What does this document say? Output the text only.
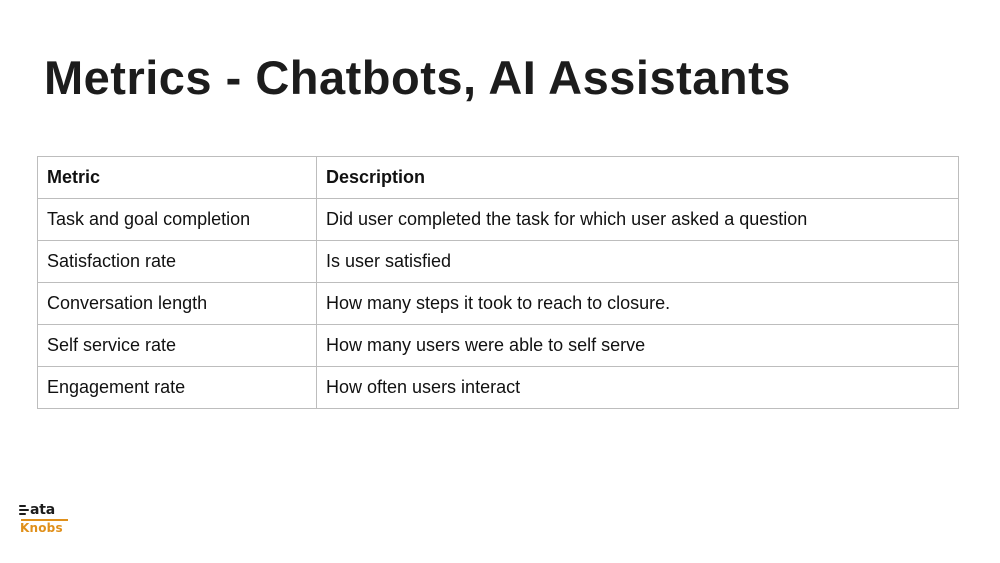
Metrics - Chatbots, AI Assistants
Metric	Description
Task and goal completion	Did user completed the task for which user asked a question
Satisfaction rate	Is user satisfied
Conversation length	How many steps it took to reach to closure.
Self service rate	How many users were able to self serve
Engagement rate	How often users interact
ata
Knobs
